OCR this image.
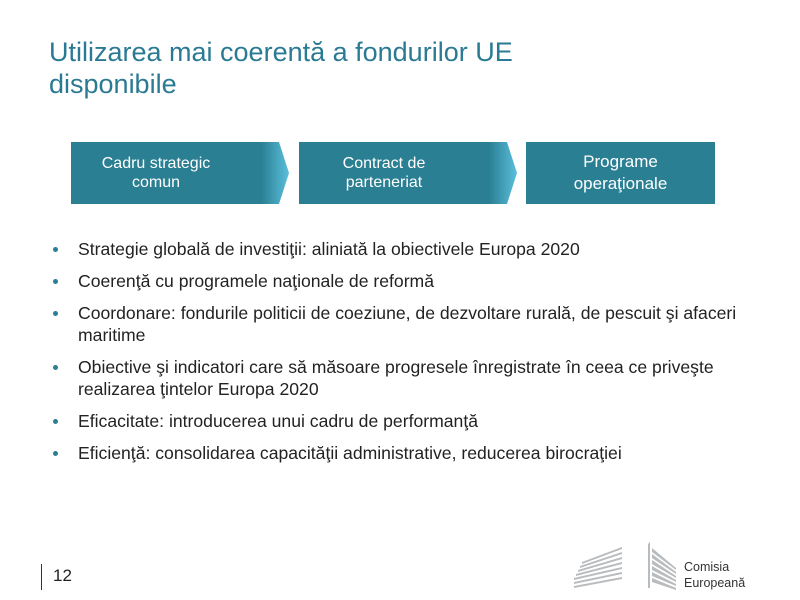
Utilizarea mai coerentă a fondurilor UE
disponibile
Cadru strategic
comun
Contract de
parteneriat
Programe
operaţionale
Strategie globală de investiţii: aliniată la obiectivele Europa 2020
Coerenţă cu programele naţionale de reformă
Coordonare: fondurile politicii de coeziune, de dezvoltare rurală, de pescuit şi afaceri maritime
Obiective şi indicatori care să măsoare progresele înregistrate în ceea ce priveşte realizarea ţintelor Europa 2020
Eficacitate: introducerea unui cadru de performanţă
Eficienţă: consolidarea capacităţii administrative, reducerea birocraţiei
12	Comisia
Europeană
